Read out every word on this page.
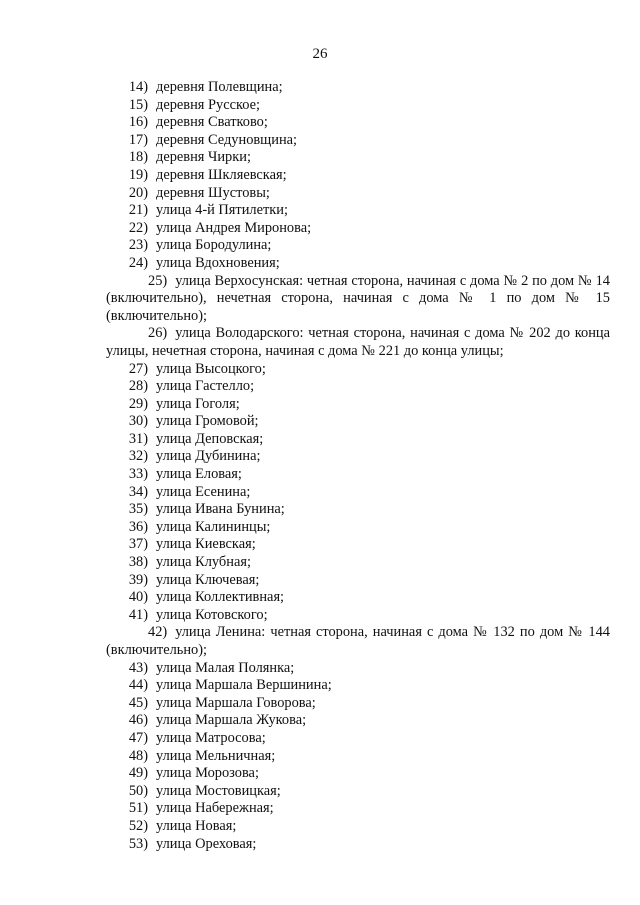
26
14) деревня Полевщина;
15) деревня Русское;
16) деревня Сватково;
17) деревня Седуновщина;
18) деревня Чирки;
19) деревня Шкляевская;
20) деревня Шустовы;
21) улица 4-й Пятилетки;
22) улица Андрея Миронова;
23) улица Бородулина;
24) улица Вдохновения;
25) улица Верхосунская: четная сторона, начиная с дома № 2 по дом № 14 (включительно), нечетная сторона, начиная с дома № 1 по дом № 15 (включительно);
26) улица Володарского: четная сторона, начиная с дома № 202 до конца улицы, нечетная сторона, начиная с дома № 221 до конца улицы;
27) улица Высоцкого;
28) улица Гастелло;
29) улица Гоголя;
30) улица Громовой;
31) улица Деповская;
32) улица Дубинина;
33) улица Еловая;
34) улица Есенина;
35) улица Ивана Бунина;
36) улица Калининцы;
37) улица Киевская;
38) улица Клубная;
39) улица Ключевая;
40) улица Коллективная;
41) улица Котовского;
42) улица Ленина: четная сторона, начиная с дома № 132 по дом № 144 (включительно);
43) улица Малая Полянка;
44) улица Маршала Вершинина;
45) улица Маршала Говорова;
46) улица Маршала Жукова;
47) улица Матросова;
48) улица Мельничная;
49) улица Морозова;
50) улица Мостовицкая;
51) улица Набережная;
52) улица Новая;
53) улица Ореховая;
